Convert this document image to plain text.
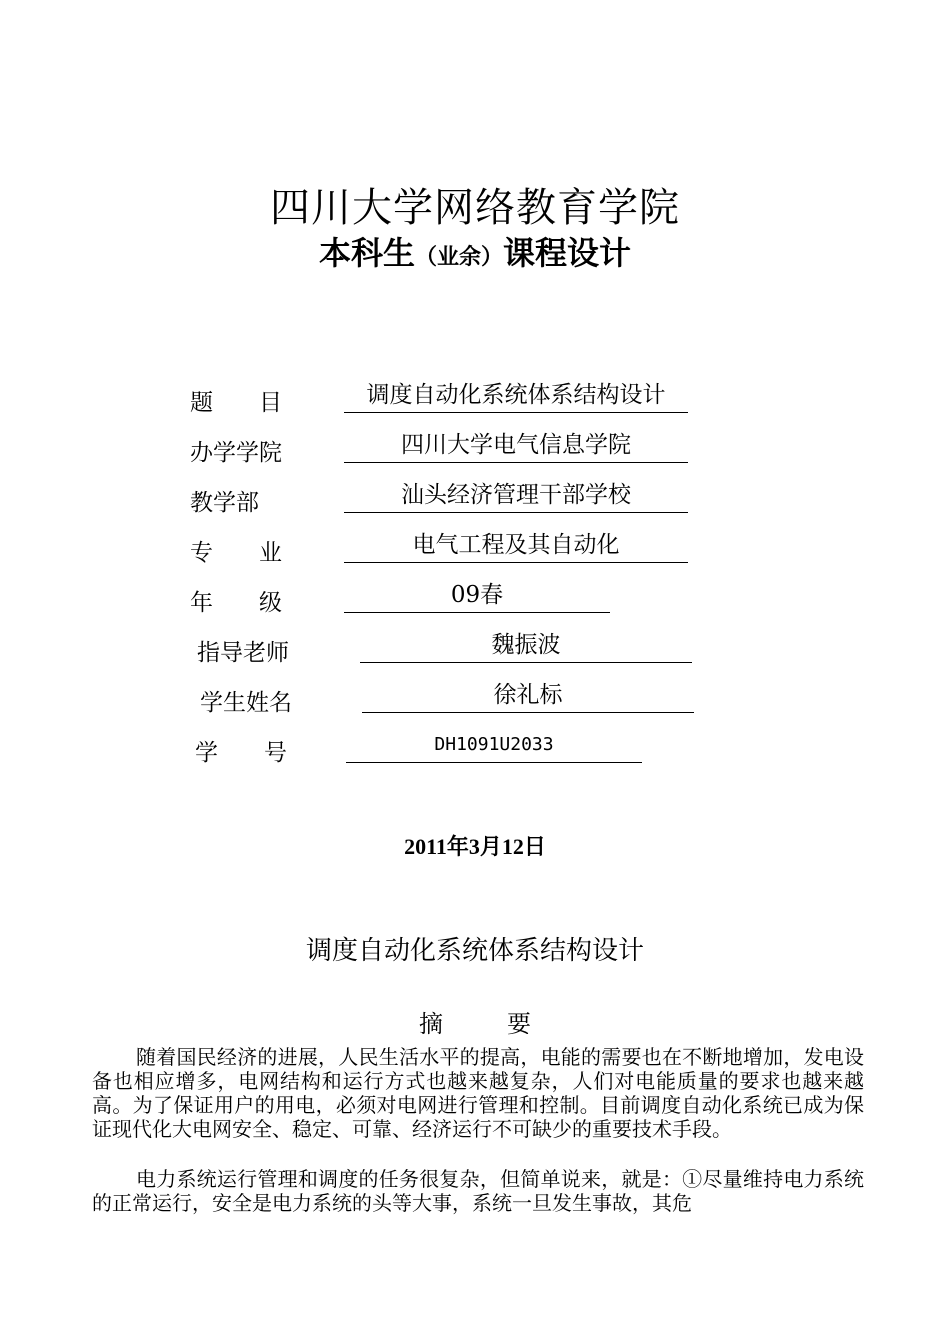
四川大学网络教育学院
本科生（业余）课程设计
题　　目	调度自动化系统体系结构设计
办学学院	四川大学电气信息学院
教学部	汕头经济管理干部学校
专　　业	电气工程及其自动化
年　　级	09春
指导老师	魏振波
学生姓名	徐礼标
学　　号	DH1091U2033
2011年3月12日
调度自动化系统体系结构设计
摘	要
随着国民经济的进展，人民生活水平的提高，电能的需要也在不断地增加，发电设备也相应增多，电网结构和运行方式也越来越复杂，人们对电能质量的要求也越来越高。为了保证用户的用电，必须对电网进行管理和控制。目前调度自动化系统已成为保证现代化大电网安全、稳定、可靠、经济运行不可缺少的重要技术手段。
电力系统运行管理和调度的任务很复杂，但简单说来，就是：①尽量维持电力系统的正常运行，安全是电力系统的头等大事，系统一旦发生事故，其危
